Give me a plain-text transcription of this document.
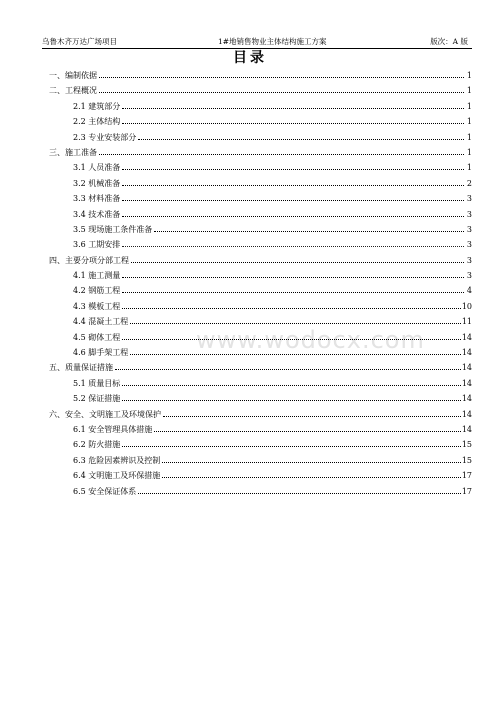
乌鲁木齐万达广场项目	1#地销售物业主体结构施工方案	版次：A 版
目录
www.wodocx.com
一、编制依据	1
二、工程概况	1
2.1 建筑部分	1
2.2 主体结构	1
2.3 专业安装部分	1
三、施工准备	1
3.1 人员准备	1
3.2 机械准备	2
3.3 材料准备	3
3.4 技术准备	3
3.5 现场施工条件准备	3
3.6 工期安排	3
四、主要分项分部工程	3
4.1 施工测量	3
4.2 钢筋工程	4
4.3 模板工程	10
4.4 混凝土工程	11
4.5 砌体工程	14
4.6 脚手架工程	14
五、质量保证措施	14
5.1 质量目标	14
5.2 保证措施	14
六、安全、文明施工及环境保护	14
6.1 安全管理具体措施	14
6.2 防火措施	15
6.3 危险因素辨识及控制	15
6.4 文明施工及环保措施	17
6.5 安全保证体系	17
